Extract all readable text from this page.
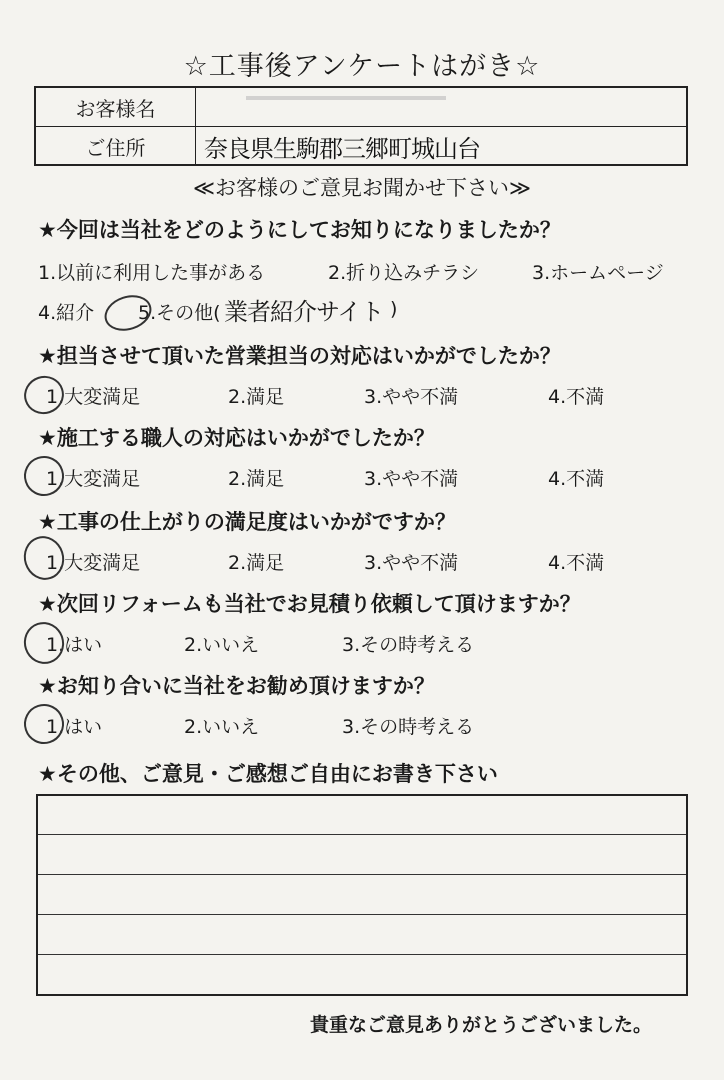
☆工事後アンケートはがき☆
お客様名
ご住所	奈良県生駒郡三郷町城山台
≪お客様のご意見お聞かせ下さい≫
★今回は当社をどのようにしてお知りになりましたか？
1.以前に利用した事がある	2.折り込みチラシ	3.ホームページ
4.紹介 5.その他( 業者紹介サイト )
★担当させて頂いた営業担当の対応はいかがでしたか？
1.大変満足	2.満足	3.やや不満	4.不満
★施工する職人の対応はいかがでしたか？
1.大変満足	2.満足	3.やや不満	4.不満
★工事の仕上がりの満足度はいかがですか？
1.大変満足	2.満足	3.やや不満	4.不満
★次回リフォームも当社でお見積り依頼して頂けますか？
1.はい	2.いいえ	3.その時考える
★お知り合いに当社をお勧め頂けますか？
1.はい	2.いいえ	3.その時考える
★その他、ご意見・ご感想ご自由にお書き下さい
貴重なご意見ありがとうございました。
